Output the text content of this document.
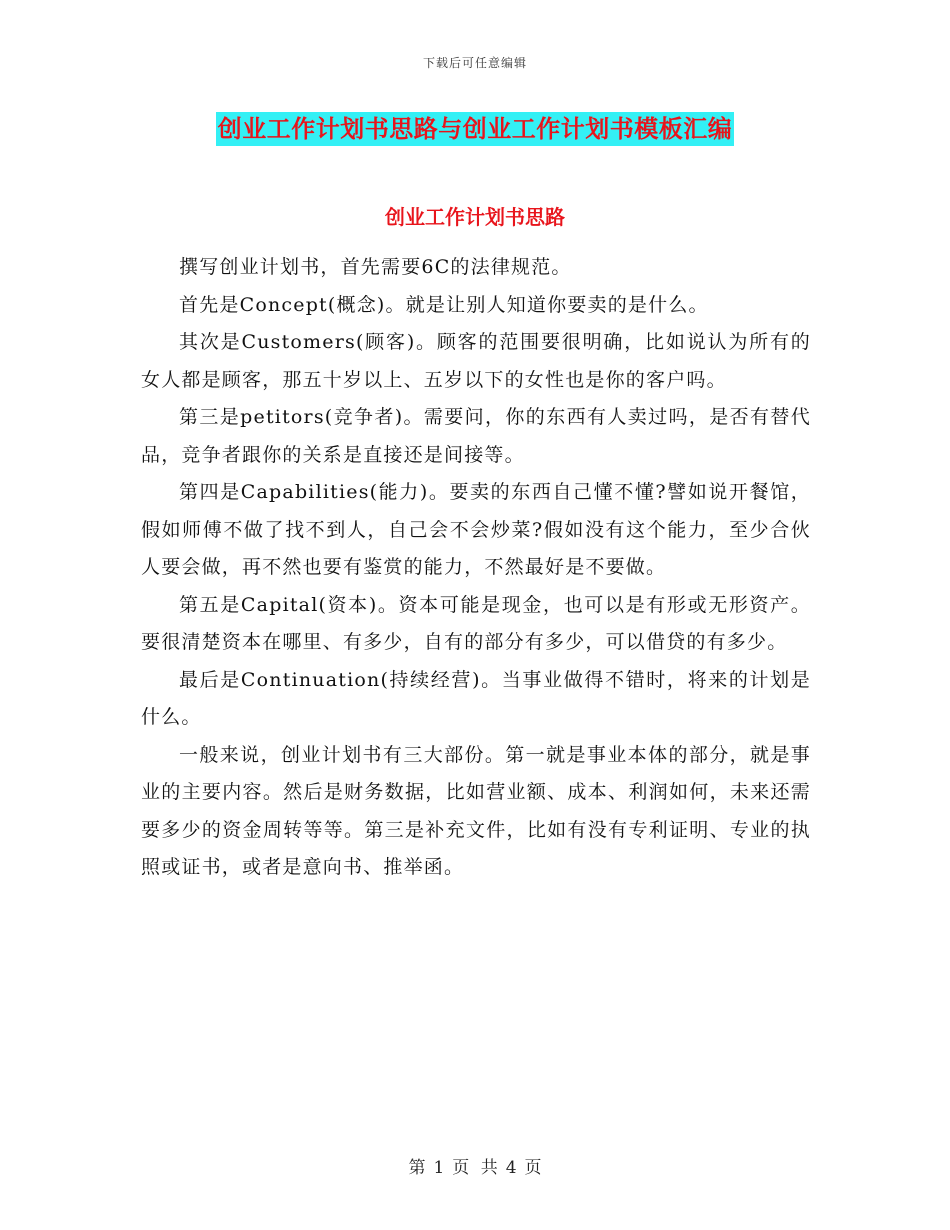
下载后可任意编辑
创业工作计划书思路与创业工作计划书模板汇编
创业工作计划书思路

撰写创业计划书，首先需要6C的法律规范。

首先是Concept(概念)。就是让别人知道你要卖的是什么。

其次是Customers(顾客)。顾客的范围要很明确，比如说认为所有的女人都是顾客，那五十岁以上、五岁以下的女性也是你的客户吗。

第三是petitors(竞争者)。需要问，你的东西有人卖过吗，是否有替代品，竞争者跟你的关系是直接还是间接等。

第四是Capabilities(能力)。要卖的东西自己懂不懂?譬如说开餐馆，假如师傅不做了找不到人，自己会不会炒菜?假如没有这个能力，至少合伙人要会做，再不然也要有鉴赏的能力，不然最好是不要做。

第五是Capital(资本)。资本可能是现金，也可以是有形或无形资产。要很清楚资本在哪里、有多少，自有的部分有多少，可以借贷的有多少。

最后是Continuation(持续经营)。当事业做得不错时，将来的计划是什么。

一般来说，创业计划书有三大部份。第一就是事业本体的部分，就是事业的主要内容。然后是财务数据，比如营业额、成本、利润如何，未来还需要多少的资金周转等等。第三是补充文件，比如有没有专利证明、专业的执照或证书，或者是意向书、推举函。

第 1 页 共 4 页
